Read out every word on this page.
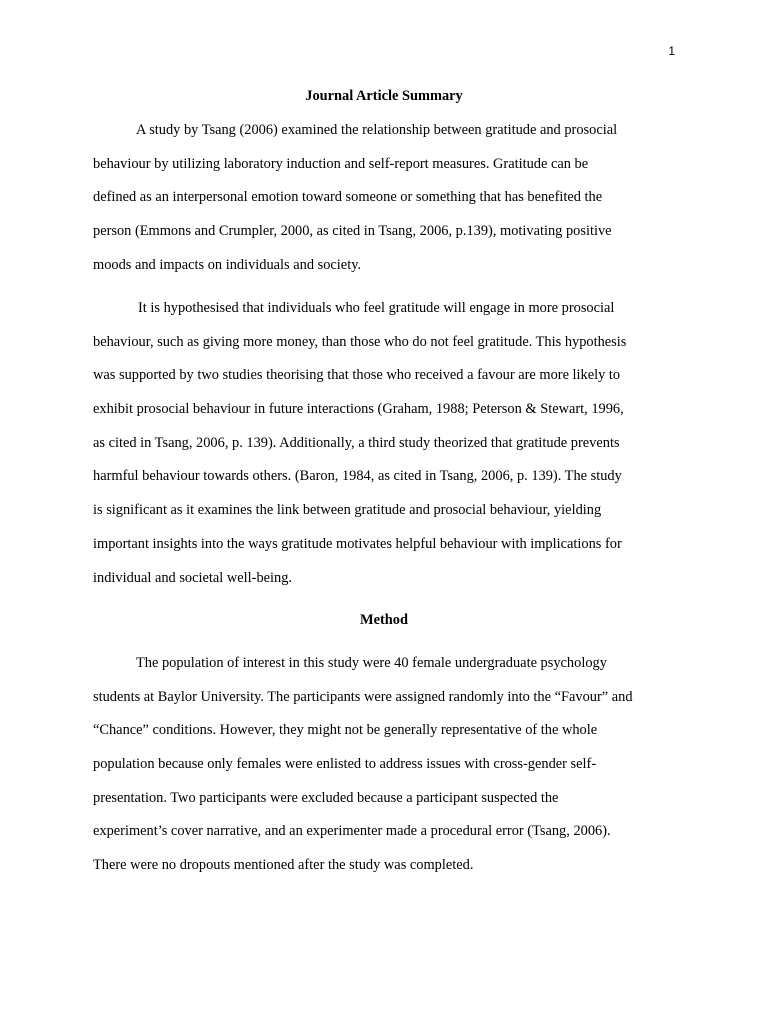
1
Journal Article Summary
A study by Tsang (2006) examined the relationship between gratitude and prosocial
behaviour by utilizing laboratory induction and self-report measures. Gratitude can be
defined as an interpersonal emotion toward someone or something that has benefited the
person (Emmons and Crumpler, 2000, as cited in Tsang, 2006, p.139), motivating positive
moods and impacts on individuals and society.
It is hypothesised that individuals who feel gratitude will engage in more prosocial
behaviour, such as giving more money, than those who do not feel gratitude. This hypothesis
was supported by two studies theorising that those who received a favour are more likely to
exhibit prosocial behaviour in future interactions (Graham, 1988; Peterson & Stewart, 1996,
as cited in Tsang, 2006, p. 139). Additionally, a third study theorized that gratitude prevents
harmful behaviour towards others. (Baron, 1984, as cited in Tsang, 2006, p. 139). The study
is significant as it examines the link between gratitude and prosocial behaviour, yielding
important insights into the ways gratitude motivates helpful behaviour with implications for
individual and societal well-being.
Method
The population of interest in this study were 40 female undergraduate psychology
students at Baylor University. The participants were assigned randomly into the “Favour” and
“Chance” conditions. However, they might not be generally representative of the whole
population because only females were enlisted to address issues with cross-gender self-
presentation. Two participants were excluded because a participant suspected the
experiment’s cover narrative, and an experimenter made a procedural error (Tsang, 2006).
There were no dropouts mentioned after the study was completed.
